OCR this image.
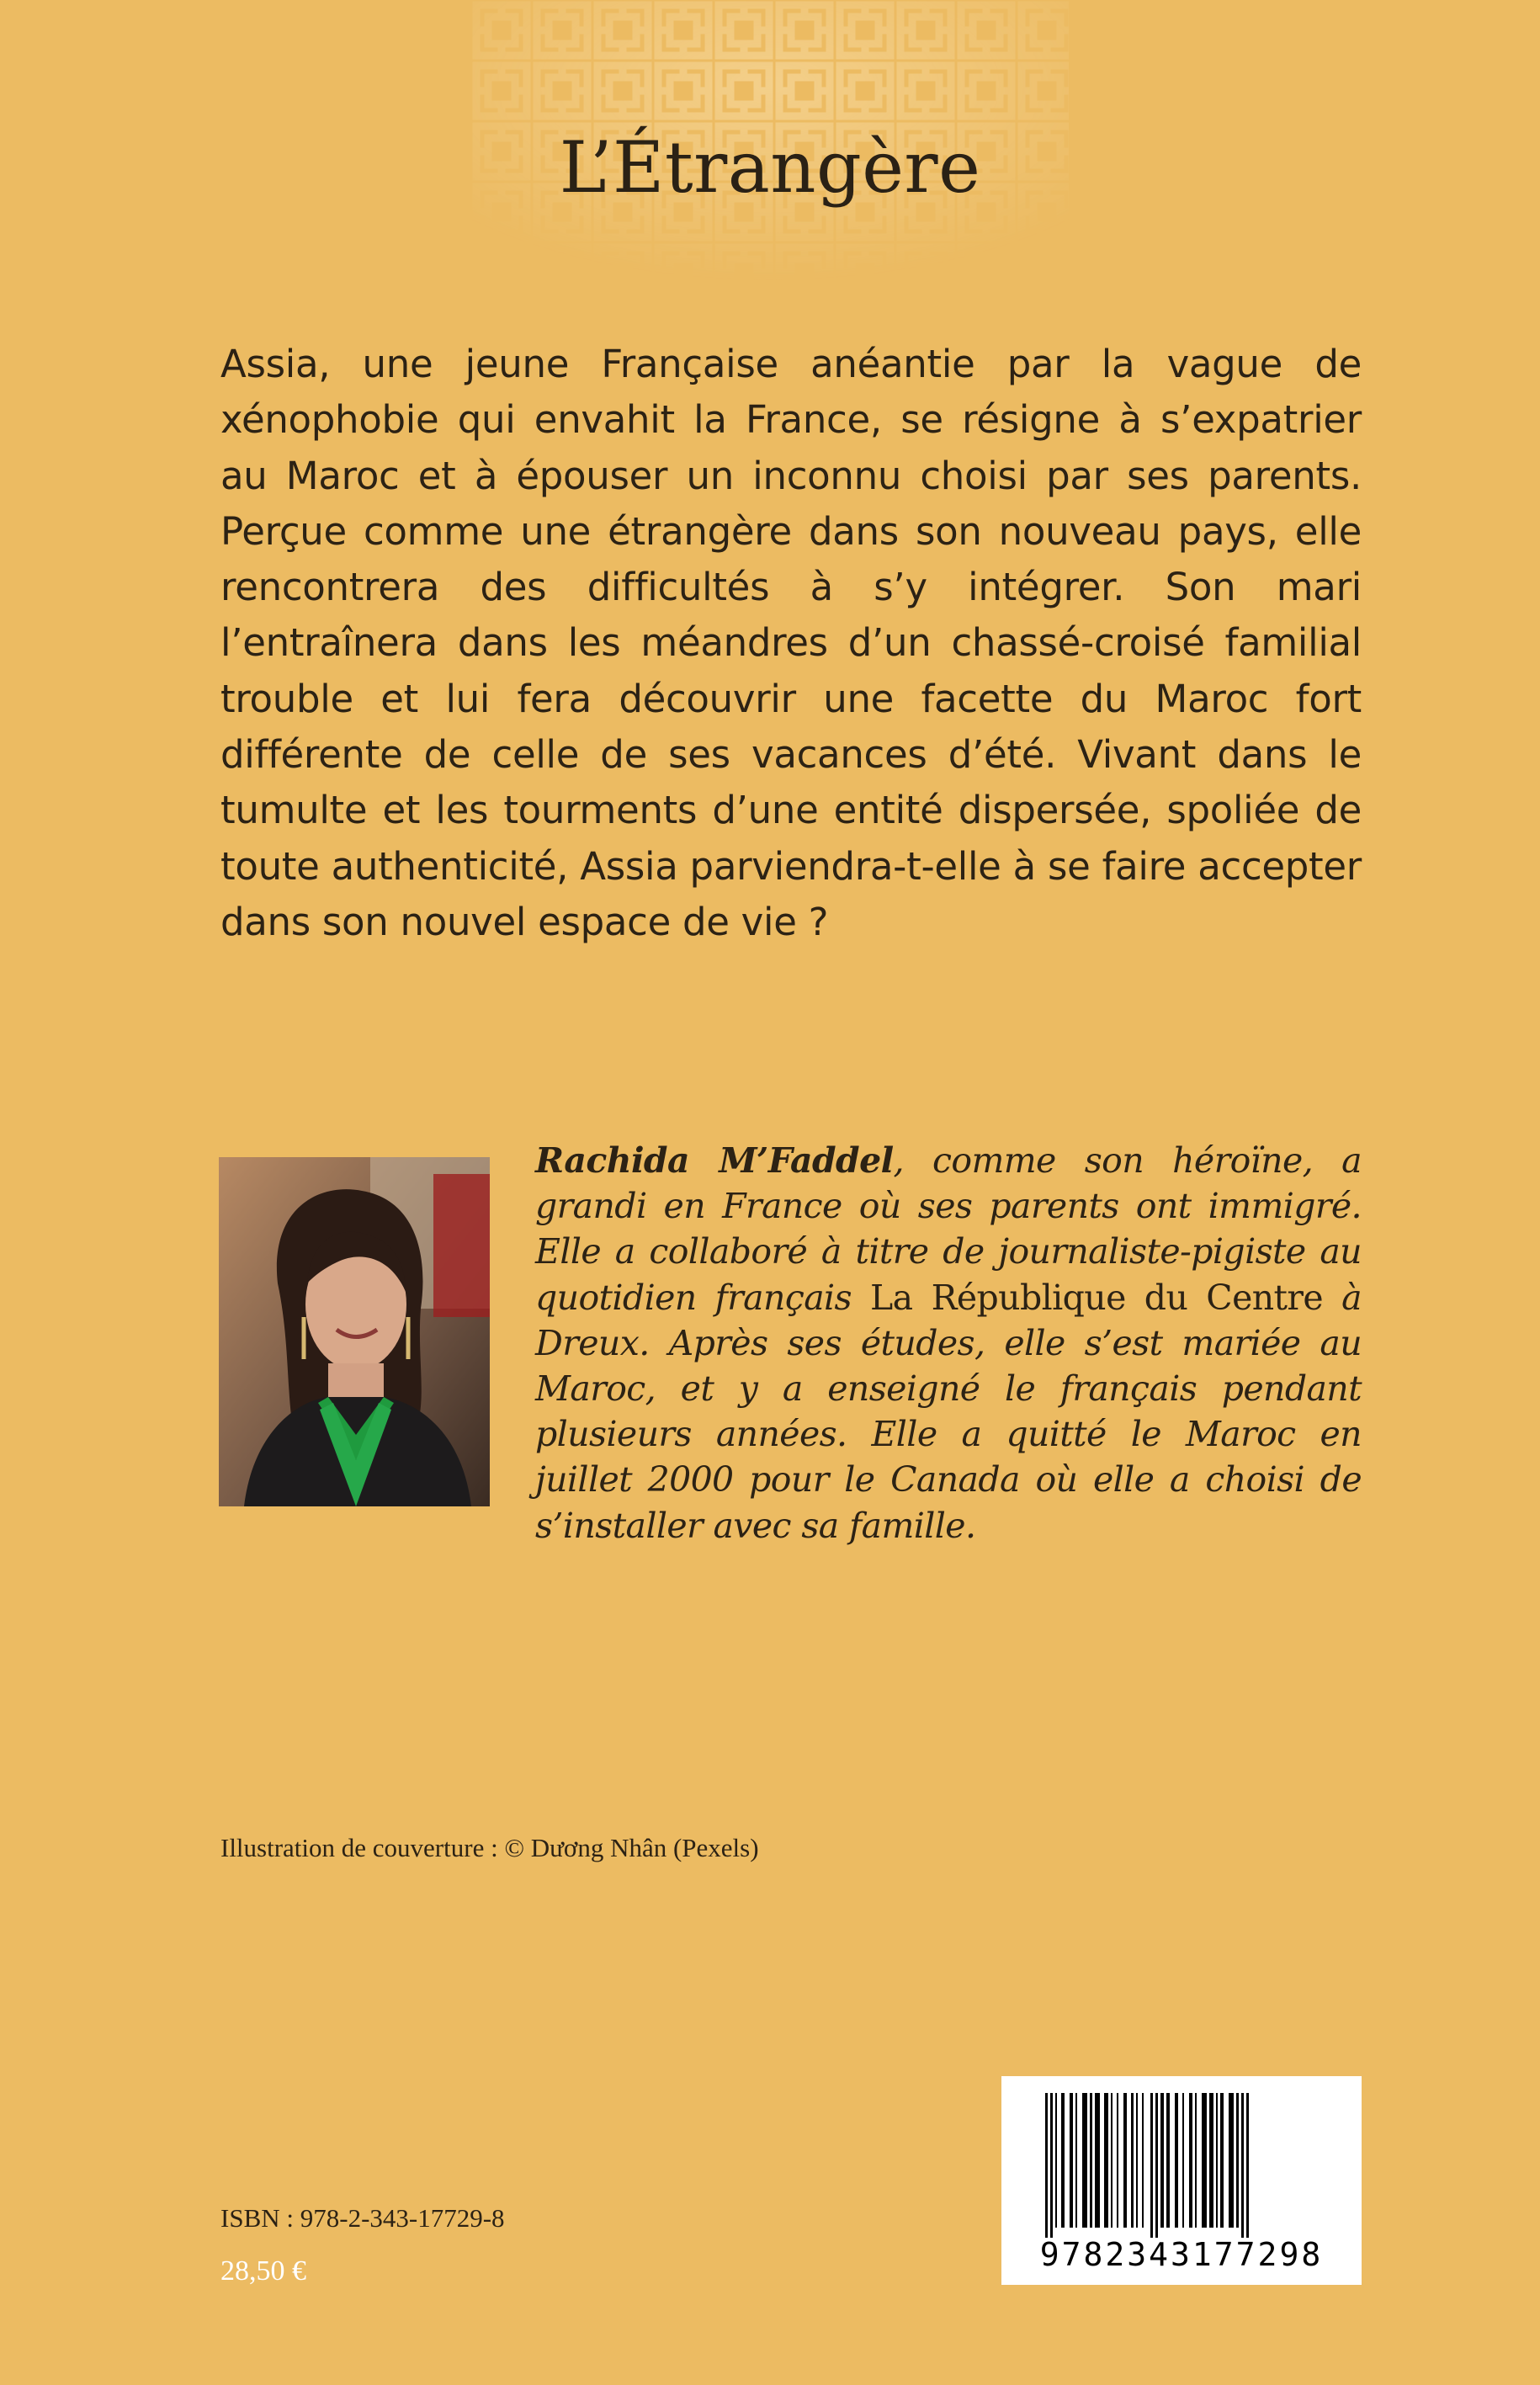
L’Étrangère
Assia, une jeune Française anéantie par la vague de xénophobie qui envahit la France, se résigne à s’expatrier au Maroc et à épouser un inconnu choisi par ses parents. Perçue comme une étrangère dans son nouveau pays, elle rencontrera des difficultés à s’y intégrer. Son mari l’entraînera dans les méandres d’un chassé-croisé familial trouble et lui fera découvrir une facette du Maroc fort différente de celle de ses vacances d’été. Vivant dans le tumulte et les tourments d’une entité dispersée, spoliée de toute authenticité, Assia parviendra-t-elle à se faire accepter dans son nouvel espace de vie ?
Rachida M’Faddel, comme son héroïne, a grandi en France où ses parents ont immigré. Elle a collaboré à titre de journaliste-pigiste au quotidien français La République du Centre à Dreux. Après ses études, elle s’est mariée au Maroc, et y a enseigné le français pendant plusieurs années. Elle a quitté le Maroc en juillet 2000 pour le Canada où elle a choisi de s’installer avec sa famille.
Illustration de couverture : © Dương Nhân (Pexels)
ISBN : 978-2-343-17729-8
28,50 €	9782343177298
